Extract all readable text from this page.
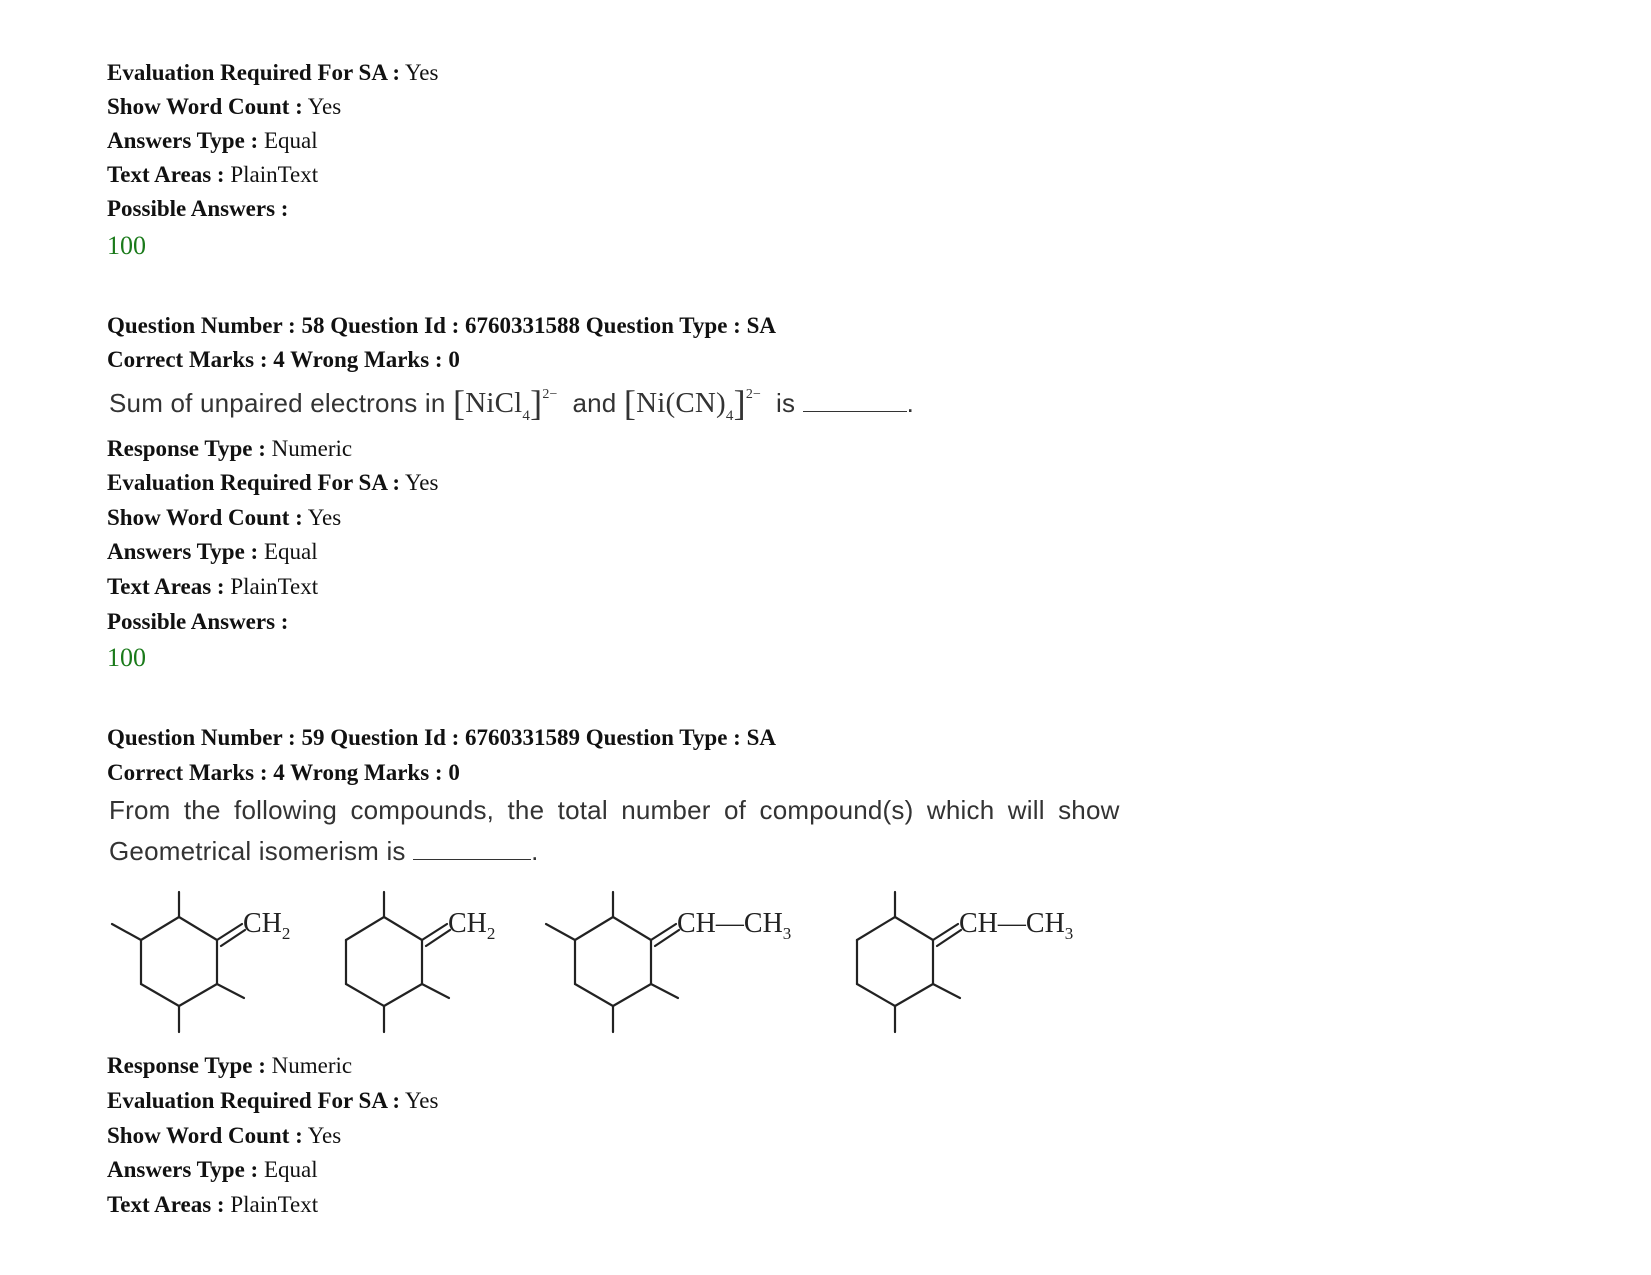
Evaluation Required For SA : Yes
Show Word Count : Yes
Answers Type : Equal
Text Areas : PlainText
Possible Answers :
100
Question Number : 58 Question Id : 6760331588 Question Type : SA
Correct Marks : 4 Wrong Marks : 0
Sum of unpaired electrons in [NiCl$_4$]$^{2-}$ and $[Ni(CN)_4]^{2-}$ is	.
Response Type : Numeric
Evaluation Required For SA : Yes
Show Word Count : Yes
Answers Type : Equal
Text Areas : PlainText
Possible Answers :
100
Question Number : 59 Question Id : 6760331589 Question Type : SA
Correct Marks : 4 Wrong Marks : 0
From the following compounds, the total number of compound(s) which will show
Geometrical isomerism is	.
$CH_2$	$CH_2$	$CH—CH_3$	$CH—CH_3$
Response Type : Numeric
Evaluation Required For SA : Yes
Show Word Count : Yes
Answers Type : Equal
Text Areas : PlainText
